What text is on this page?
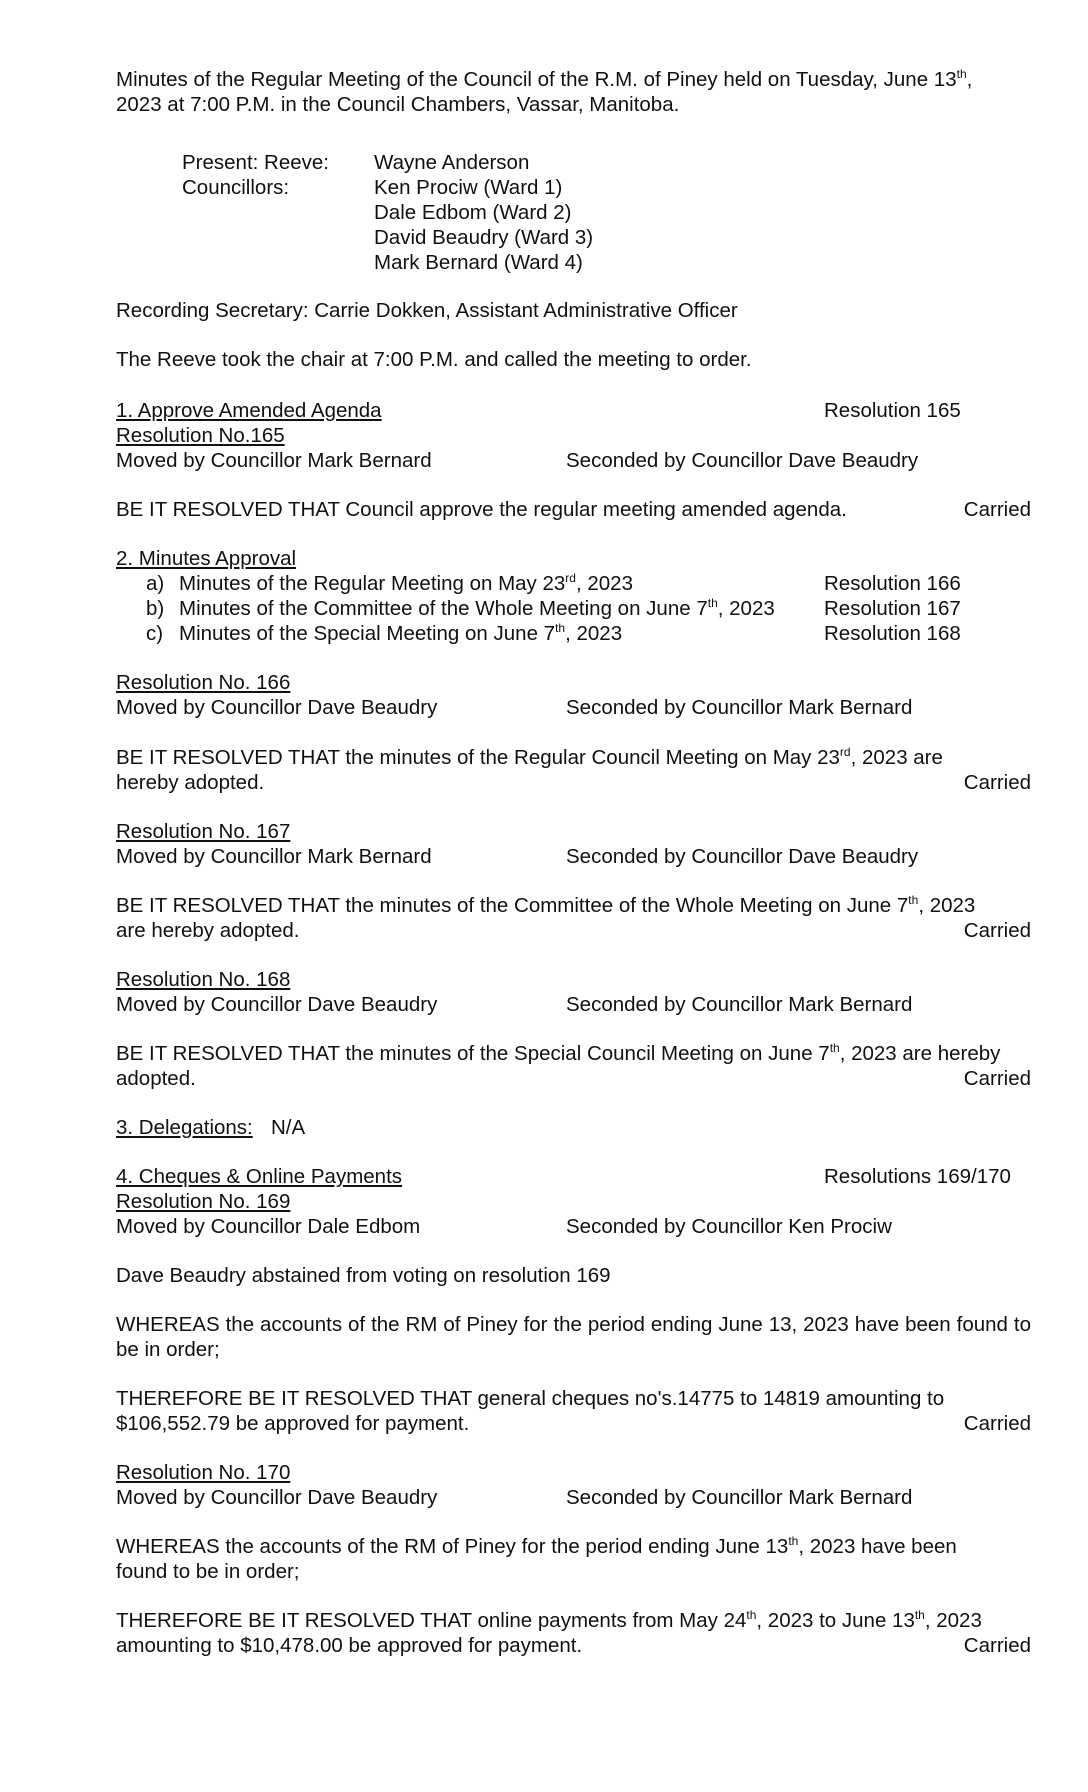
Minutes of the Regular Meeting of the Council of the R.M. of Piney held on Tuesday, June 13th,
2023 at 7:00 P.M. in the Council Chambers, Vassar, Manitoba.

Present: Reeve: Wayne Anderson
Councillors:	Ken Prociw (Ward 1)
Dale Edbom (Ward 2)
David Beaudry (Ward 3)
Mark Bernard (Ward 4)

Recording Secretary: Carrie Dokken, Assistant Administrative Officer

The Reeve took the chair at 7:00 P.M. and called the meeting to order.

1. Approve Amended Agenda	Resolution 165
Resolution No.165
Moved by Councillor Mark Bernard	Seconded by Councillor Dave Beaudry
BE IT RESOLVED THAT Council approve the regular meeting amended agenda.	Carried
2. Minutes Approval
a) Minutes of the Regular Meeting on May 23rd, 2023	Resolution 166
b) Minutes of the Committee of the Whole Meeting on June 7th, 2023 Resolution 167
c) Minutes of the Special Meeting on June 7th, 2023	Resolution 168
Resolution No. 166
Moved by Councillor Dave Beaudry	Seconded by Councillor Mark Bernard

BE IT RESOLVED THAT the minutes of the Regular Council Meeting on May 23rd, 2023 are

hereby adopted.	Carried
Resolution No. 167
Moved by Councillor Mark Bernard	Seconded by Councillor Dave Beaudry

BE IT RESOLVED THAT the minutes of the Committee of the Whole Meeting on June 7th, 2023

are hereby adopted.	Carried
Resolution No. 168
Moved by Councillor Dave Beaudry	Seconded by Councillor Mark Bernard

BE IT RESOLVED THAT the minutes of the Special Council Meeting on June 7th, 2023 are hereby

adopted.	Carried
3. Delegations: N/A
4. Cheques & Online Payments	Resolutions 169/170
Resolution No. 169
Moved by Councillor Dale Edbom	Seconded by Councillor Ken Prociw

Dave Beaudry abstained from voting on resolution 169

WHEREAS the accounts of the RM of Piney for the period ending June 13, 2023 have been found to be in order;

THEREFORE BE IT RESOLVED THAT general cheques no's.14775 to 14819 amounting to

$106,552.79 be approved for payment.	Carried
Resolution No. 170
Moved by Councillor Dave Beaudry	Seconded by Councillor Mark Bernard

WHEREAS the accounts of the RM of Piney for the period ending June 13th, 2023 have been

found to be in order;

THEREFORE BE IT RESOLVED THAT online payments from May 24th, 2023 to June 13th, 2023

amounting to $10,478.00 be approved for payment.	Carried
